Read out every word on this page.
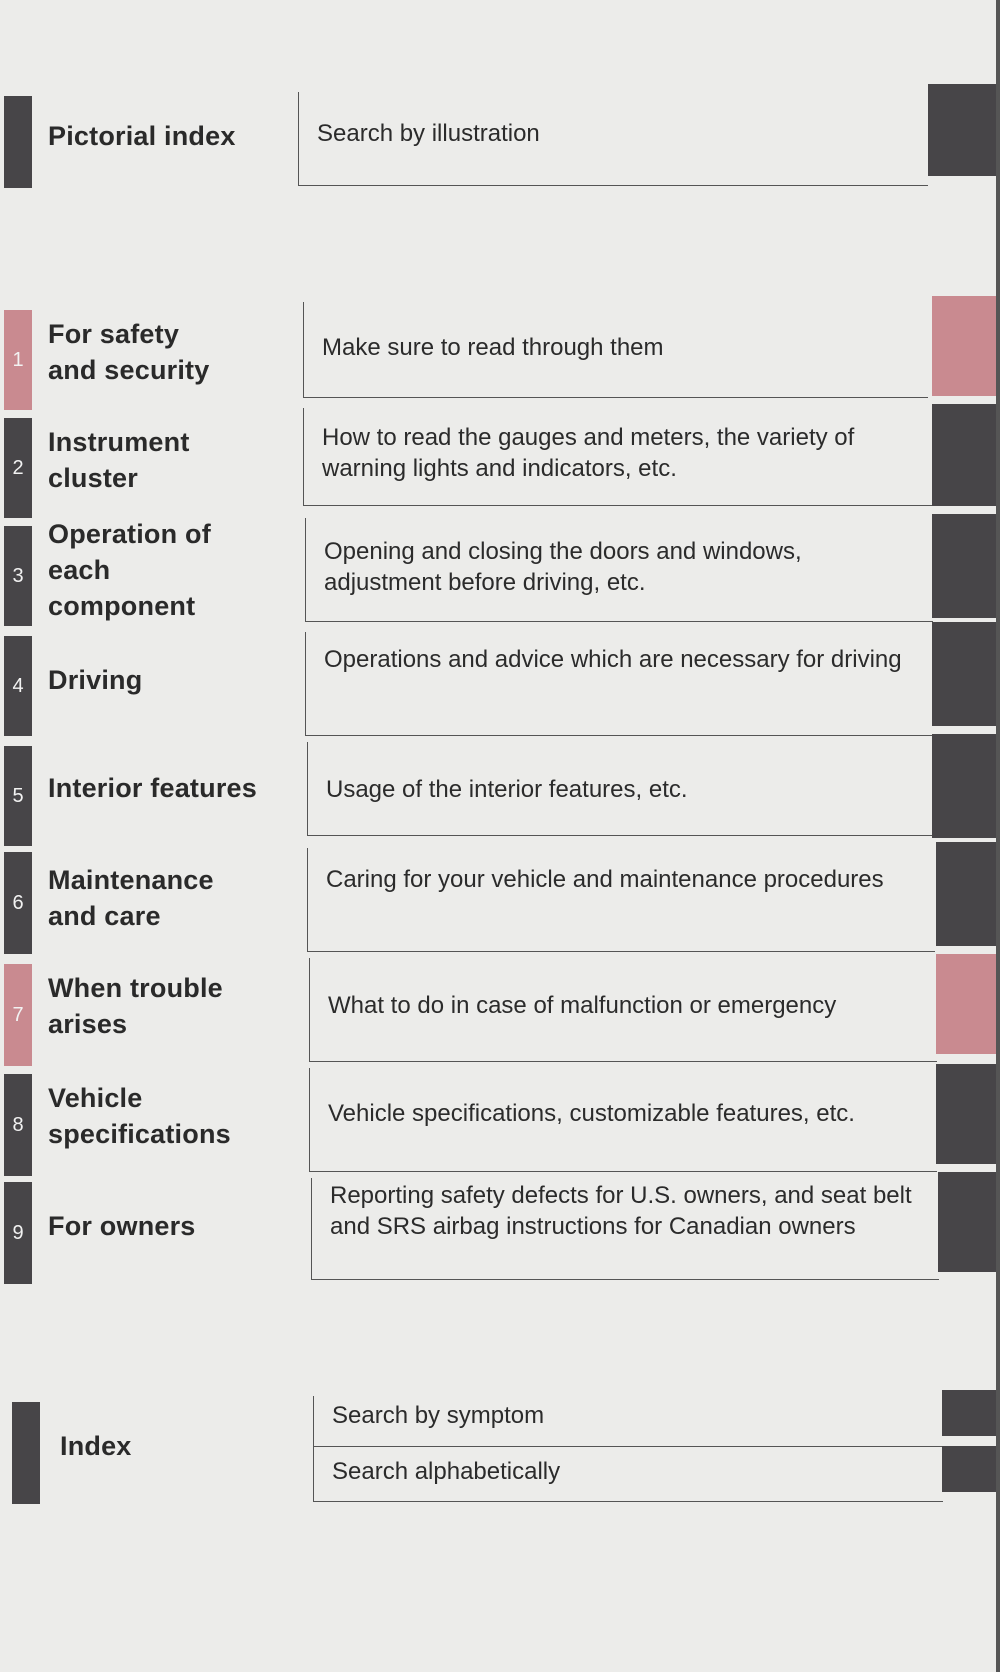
Pictorial index	Search by illustration
1
For safety
and security
Make sure to read through them
2
Instrument
cluster
How to read the gauges and meters, the variety of warning lights and indicators, etc.
3
Operation of
each
component
Opening and closing the doors and windows, adjustment before driving, etc.
4 Driving
Operations and advice which are necessary for driving
5 Interior features	Usage of the interior features, etc.
6
Maintenance
and care
Caring for your vehicle and maintenance procedures
7
When trouble
arises
What to do in case of malfunction or emergency
8
Vehicle
specifications
Vehicle specifications, customizable features, etc.
9 For owners
Reporting safety defects for U.S. owners, and seat belt and SRS airbag instructions for Canadian owners
Index
Search by symptom
Search alphabetically
